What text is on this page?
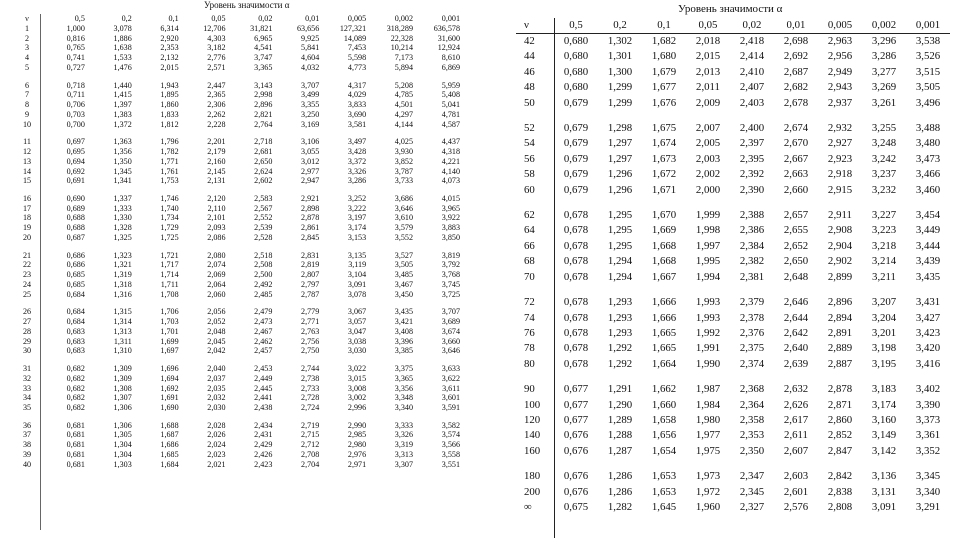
Уровень значимости α
ν	0,5	0,2	0,1	0,05	0,02	0,01	0,005	0,002	0,001
1	1,000	3,078	6,314	12,706	31,821	63,656	127,321	318,289	636,578
2	0,816	1,886	2,920	4,303	6,965	9,925	14,089	22,328	31,600
3	0,765	1,638	2,353	3,182	4,541	5,841	7,453	10,214	12,924
4	0,741	1,533	2,132	2,776	3,747	4,604	5,598	7,173	8,610
5	0,727	1,476	2,015	2,571	3,365	4,032	4,773	5,894	6,869
6	0,718	1,440	1,943	2,447	3,143	3,707	4,317	5,208	5,959
7	0,711	1,415	1,895	2,365	2,998	3,499	4,029	4,785	5,408
8	0,706	1,397	1,860	2,306	2,896	3,355	3,833	4,501	5,041
9	0,703	1,383	1,833	2,262	2,821	3,250	3,690	4,297	4,781
10	0,700	1,372	1,812	2,228	2,764	3,169	3,581	4,144	4,587
11	0,697	1,363	1,796	2,201	2,718	3,106	3,497	4,025	4,437
12	0,695	1,356	1,782	2,179	2,681	3,055	3,428	3,930	4,318
13	0,694	1,350	1,771	2,160	2,650	3,012	3,372	3,852	4,221
14	0,692	1,345	1,761	2,145	2,624	2,977	3,326	3,787	4,140
15	0,691	1,341	1,753	2,131	2,602	2,947	3,286	3,733	4,073
16	0,690	1,337	1,746	2,120	2,583	2,921	3,252	3,686	4,015
17	0,689	1,333	1,740	2,110	2,567	2,898	3,222	3,646	3,965
18	0,688	1,330	1,734	2,101	2,552	2,878	3,197	3,610	3,922
19	0,688	1,328	1,729	2,093	2,539	2,861	3,174	3,579	3,883
20	0,687	1,325	1,725	2,086	2,528	2,845	3,153	3,552	3,850
21	0,686	1,323	1,721	2,080	2,518	2,831	3,135	3,527	3,819
22	0,686	1,321	1,717	2,074	2,508	2,819	3,119	3,505	3,792
23	0,685	1,319	1,714	2,069	2,500	2,807	3,104	3,485	3,768
24	0,685	1,318	1,711	2,064	2,492	2,797	3,091	3,467	3,745
25	0,684	1,316	1,708	2,060	2,485	2,787	3,078	3,450	3,725
26	0,684	1,315	1,706	2,056	2,479	2,779	3,067	3,435	3,707
27	0,684	1,314	1,703	2,052	2,473	2,771	3,057	3,421	3,689
28	0,683	1,313	1,701	2,048	2,467	2,763	3,047	3,408	3,674
29	0,683	1,311	1,699	2,045	2,462	2,756	3,038	3,396	3,660
30	0,683	1,310	1,697	2,042	2,457	2,750	3,030	3,385	3,646
31	0,682	1,309	1,696	2,040	2,453	2,744	3,022	3,375	3,633
32	0,682	1,309	1,694	2,037	2,449	2,738	3,015	3,365	3,622
33	0,682	1,308	1,692	2,035	2,445	2,733	3,008	3,356	3,611
34	0,682	1,307	1,691	2,032	2,441	2,728	3,002	3,348	3,601
35	0,682	1,306	1,690	2,030	2,438	2,724	2,996	3,340	3,591
36	0,681	1,306	1,688	2,028	2,434	2,719	2,990	3,333	3,582
37	0,681	1,305	1,687	2,026	2,431	2,715	2,985	3,326	3,574
38	0,681	1,304	1,686	2,024	2,429	2,712	2,980	3,319	3,566
39	0,681	1,304	1,685	2,023	2,426	2,708	2,976	3,313	3,558
40	0,681	1,303	1,684	2,021	2,423	2,704	2,971	3,307	3,551
Уровень значимости α
ν	0,5	0,2	0,1	0,05	0,02	0,01	0,005	0,002	0,001
42	0,680	1,302	1,682	2,018	2,418	2,698	2,963	3,296	3,538
44	0,680	1,301	1,680	2,015	2,414	2,692	2,956	3,286	3,526
46	0,680	1,300	1,679	2,013	2,410	2,687	2,949	3,277	3,515
48	0,680	1,299	1,677	2,011	2,407	2,682	2,943	3,269	3,505
50	0,679	1,299	1,676	2,009	2,403	2,678	2,937	3,261	3,496
52	0,679	1,298	1,675	2,007	2,400	2,674	2,932	3,255	3,488
54	0,679	1,297	1,674	2,005	2,397	2,670	2,927	3,248	3,480
56	0,679	1,297	1,673	2,003	2,395	2,667	2,923	3,242	3,473
58	0,679	1,296	1,672	2,002	2,392	2,663	2,918	3,237	3,466
60	0,679	1,296	1,671	2,000	2,390	2,660	2,915	3,232	3,460
62	0,678	1,295	1,670	1,999	2,388	2,657	2,911	3,227	3,454
64	0,678	1,295	1,669	1,998	2,386	2,655	2,908	3,223	3,449
66	0,678	1,295	1,668	1,997	2,384	2,652	2,904	3,218	3,444
68	0,678	1,294	1,668	1,995	2,382	2,650	2,902	3,214	3,439
70	0,678	1,294	1,667	1,994	2,381	2,648	2,899	3,211	3,435
72	0,678	1,293	1,666	1,993	2,379	2,646	2,896	3,207	3,431
74	0,678	1,293	1,666	1,993	2,378	2,644	2,894	3,204	3,427
76	0,678	1,293	1,665	1,992	2,376	2,642	2,891	3,201	3,423
78	0,678	1,292	1,665	1,991	2,375	2,640	2,889	3,198	3,420
80	0,678	1,292	1,664	1,990	2,374	2,639	2,887	3,195	3,416
90	0,677	1,291	1,662	1,987	2,368	2,632	2,878	3,183	3,402
100	0,677	1,290	1,660	1,984	2,364	2,626	2,871	3,174	3,390
120	0,677	1,289	1,658	1,980	2,358	2,617	2,860	3,160	3,373
140	0,676	1,288	1,656	1,977	2,353	2,611	2,852	3,149	3,361
160	0,676	1,287	1,654	1,975	2,350	2,607	2,847	3,142	3,352
180	0,676	1,286	1,653	1,973	2,347	2,603	2,842	3,136	3,345
200	0,676	1,286	1,653	1,972	2,345	2,601	2,838	3,131	3,340
∞	0,675	1,282	1,645	1,960	2,327	2,576	2,808	3,091	3,291
